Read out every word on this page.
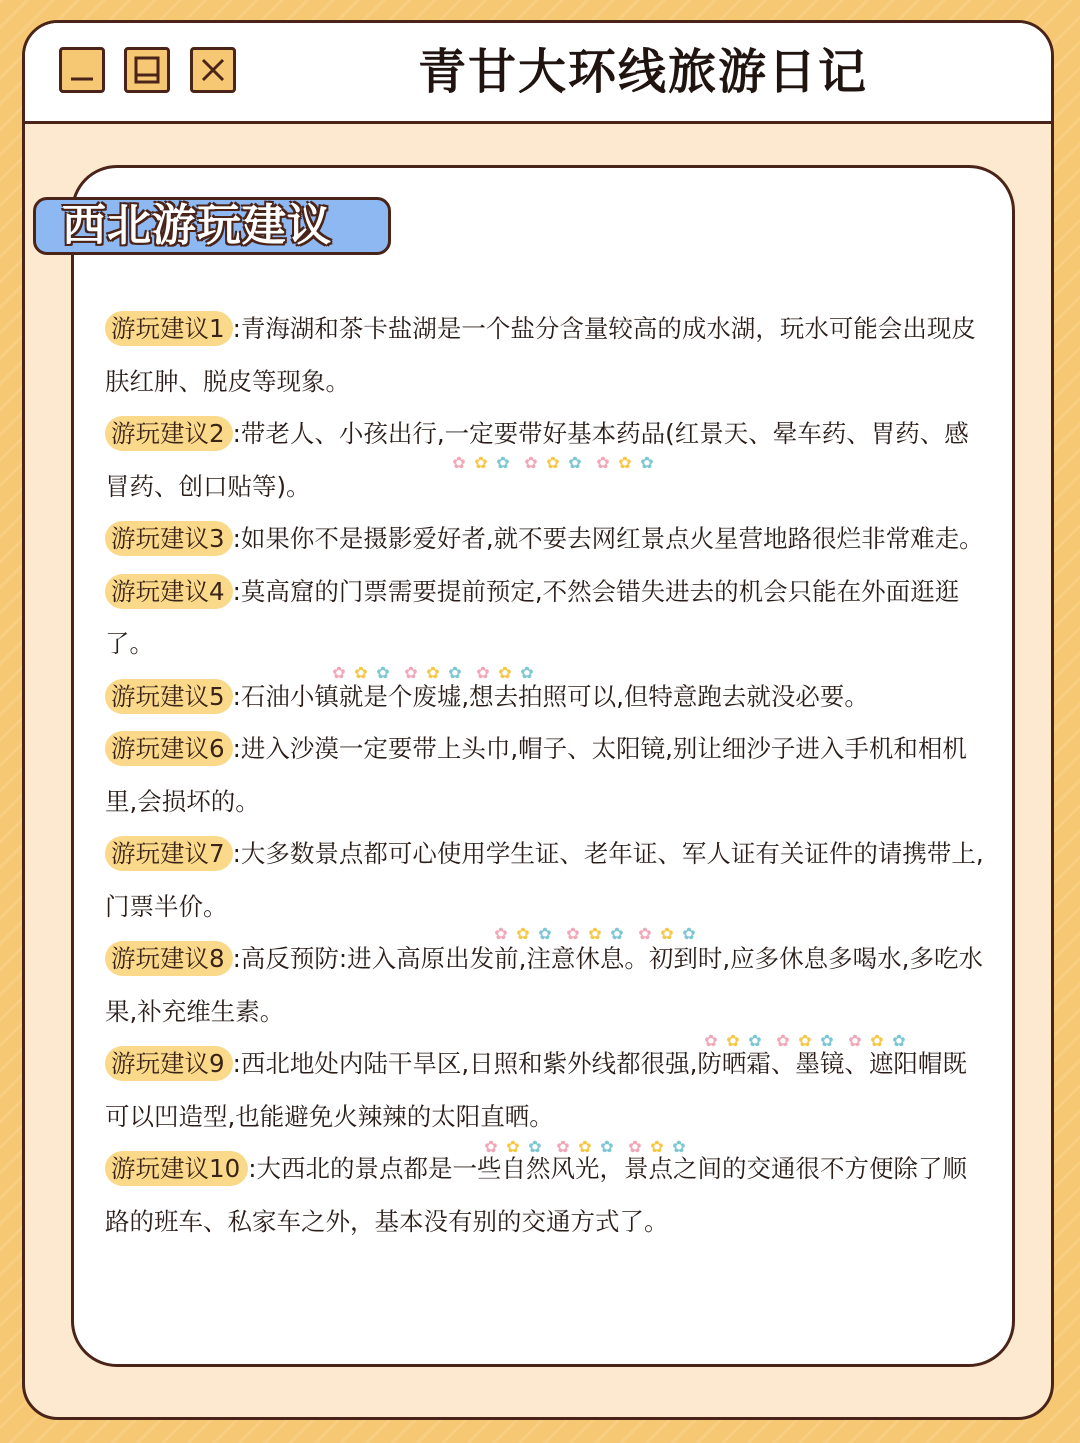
青甘大环线旅游日记
西北游玩建议
游玩建议1 :青海湖和茶卡盐湖是一个盐分含量较高的成水湖，玩水可能会出现皮肤红肿、脱皮等现象。
游玩建议2 :带老人、小孩出行,一定要带好基本药品(红景天、晕车药、胃药、感冒药、创口贴等)。
游玩建议3 :如果你不是摄影爱好者,就不要去网红景点火星营地路很烂非常难走。
游玩建议4 :莫高窟的门票需要提前预定,不然会错失进去的机会只能在外面逛逛了。
游玩建议5 :石油小镇就是个废墟,想去拍照可以,但特意跑去就没必要。
游玩建议6 :进入沙漠一定要带上头巾,帽子、太阳镜,别让细沙子进入手机和相机里,会损坏的。
游玩建议7 :大多数景点都可心使用学生证、老年证、军人证有关证件的请携带上,门票半价。
游玩建议8 :高反预防:进入高原出发前,注意休息。初到时,应多休息多喝水,多吃水果,补充维生素。
游玩建议9 :西北地处内陆干旱区,日照和紫外线都很强,防晒霜、墨镜、遮阳帽既可以凹造型,也能避免火辣辣的太阳直晒。
游玩建议10 :大西北的景点都是一些自然风光，景点之间的交通很不方便除了顺路的班车、私家车之外，基本没有别的交通方式了。
✿ ✿ ✿ ✿ ✿ ✿ ✿ ✿ ✿
✿ ✿ ✿ ✿ ✿ ✿ ✿ ✿ ✿
✿ ✿ ✿ ✿ ✿ ✿ ✿ ✿ ✿
✿ ✿ ✿ ✿ ✿ ✿ ✿ ✿ ✿
✿ ✿ ✿ ✿ ✿ ✿ ✿ ✿ ✿
